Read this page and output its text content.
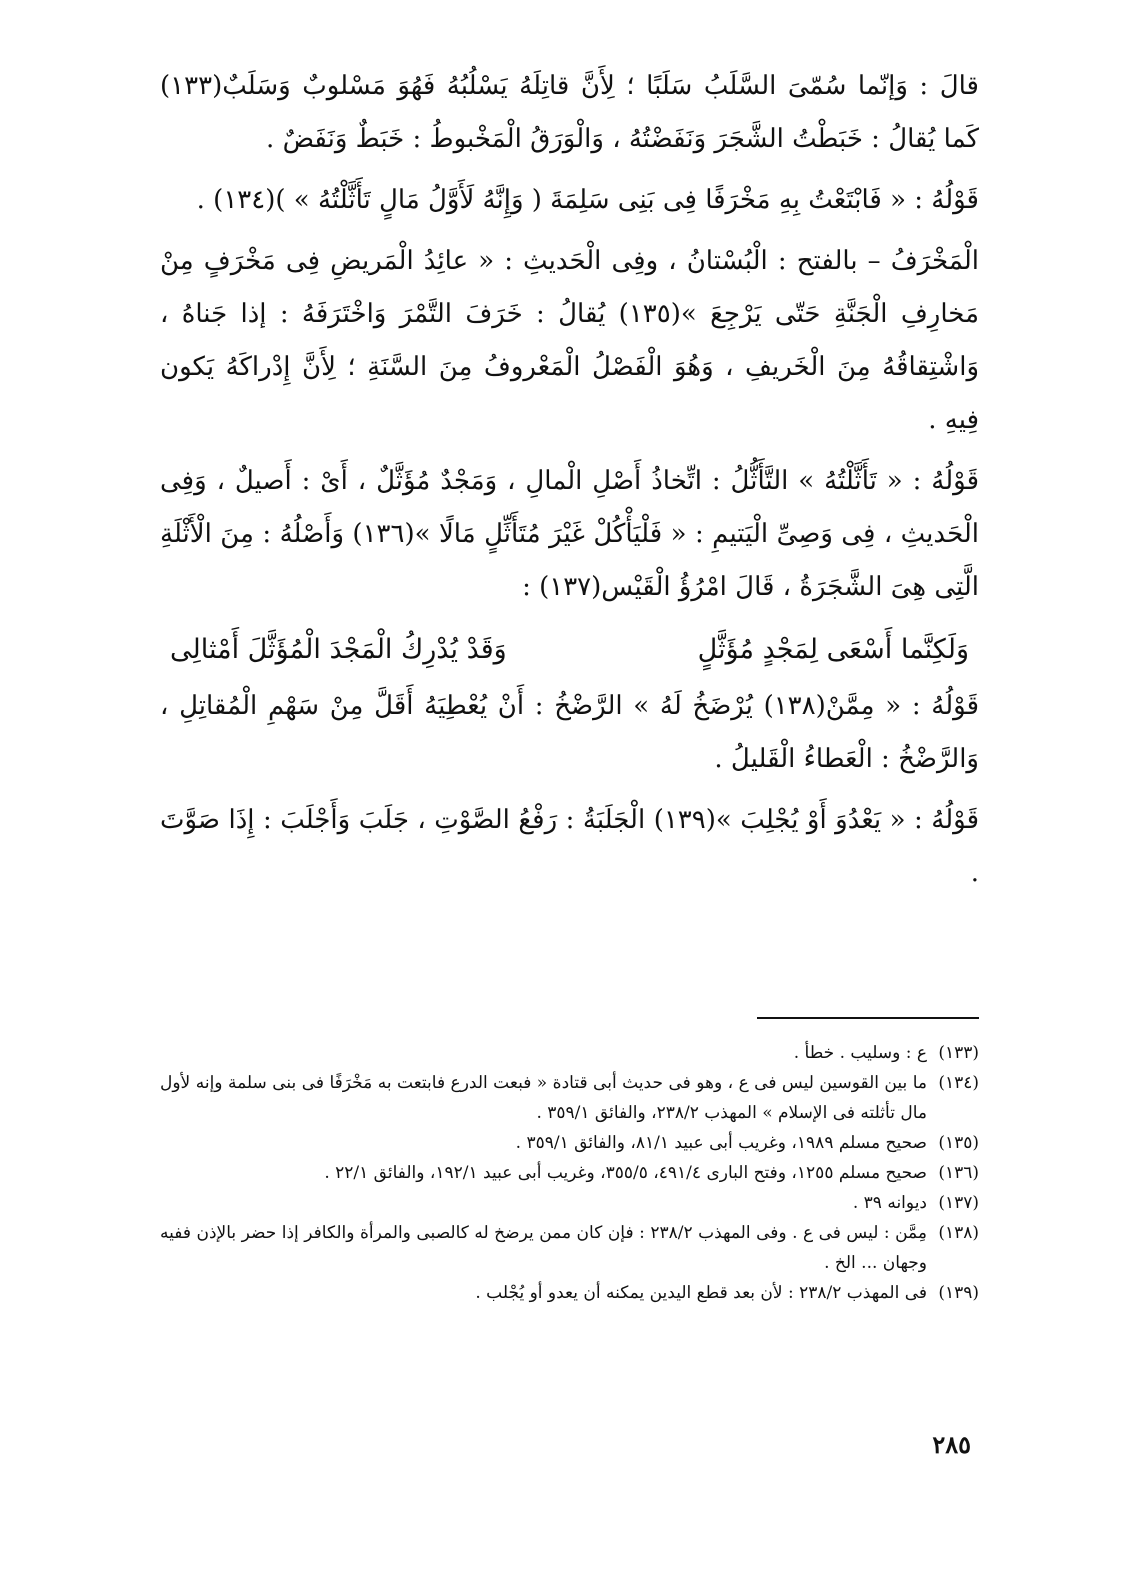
قالَ : وَإنّما سُمّىَ السَّلَبُ سَلَبًا ؛ لِأَنَّ قاتِلَهُ يَسْلُبُهُ فَهُوَ مَسْلوبٌ وَسَلَبٌ(١٣٣) كَما يُقالُ : خَبَطْتُ الشَّجَرَ وَنَفَضْتُهُ ، وَالْوَرَقُ الْمَخْبوطُ : خَبَطٌ وَنَفَضٌ .

قَوْلُهُ : « فَابْتَعْتُ بِهِ مَخْرَفًا فِى بَنِى سَلِمَةَ ( وَإِنَّهُ لَأَوَّلُ مَالٍ تَأَثَّلْتُهُ » )(١٣٤) .

الْمَخْرَفُ – بالفتح : الْبُسْتانُ ، وفِى الْحَديثِ : « عائِدُ الْمَريضِ فِى مَخْرَفٍ مِنْ مَخارِفِ الْجَنَّةِ حَتّى يَرْجِعَ »(١٣٥) يُقالُ : خَرَفَ التَّمْرَ وَاخْتَرَفَهُ : إذا جَناهُ ، وَاشْتِقاقُهُ مِنَ الْخَريفِ ، وَهُوَ الْفَصْلُ الْمَعْروفُ مِنَ السَّنَةِ ؛ لِأَنَّ إِدْراكَهُ يَكون فِيهِ .

قَوْلُهُ : « تَأَثَّلْتُهُ » التَّأَثُّلُ : اتِّخاذُ أَصْلِ الْمالِ ، وَمَجْدٌ مُؤَثَّلٌ ، أَىْ : أَصيلٌ ، وَفِى الْحَديثِ ، فِى وَصِىِّ الْيَتيمِ : « فَلْيَأْكُلْ غَيْرَ مُتَأَثِّلٍ مَالًا »(١٣٦) وَأَصْلُهُ : مِنَ الْأَثْلَةِ الَّتِى هِىَ الشَّجَرَةُ ، قَالَ امْرُؤُ الْقَيْس(١٣٧) :

وَلَكِنَّما أَسْعَى لِمَجْدٍ مُؤَثَّلٍ
وَقَدْ يُدْرِكُ الْمَجْدَ الْمُؤَثَّلَ أَمْثالِى

قَوْلُهُ : « مِمَّنْ(١٣٨) يُرْضَخُ لَهُ » الرَّضْخُ : أَنْ يُعْطِيَهُ أَقَلَّ مِنْ سَهْمِ الْمُقاتِلِ ، وَالرَّضْخُ : الْعَطاءُ الْقَليلُ .

قَوْلُهُ : « يَعْدُوَ أَوْ يُجْلِبَ »(١٣٩) الْجَلَبَةُ : رَفْعُ الصَّوْتِ ، جَلَبَ وَأَجْلَبَ : إِذَا صَوَّتَ .

(١٣٣)ع : وسليب . خطأ .

(١٣٤)ما بين القوسين ليس فى ع ، وهو فى حديث أبى قتادة « فبعت الدرع فابتعت به مَخْرَفًا فى بنى سلمة وإنه لأول مال تأثلته فى الإسلام » المهذب ٢٣٨/٢، والفائق ٣٥٩/١ .

(١٣٥)صحيح مسلم ١٩٨٩، وغريب أبى عبيد ٨١/١، والفائق ٣٥٩/١ .

(١٣٦)صحيح مسلم ١٢٥٥، وفتح البارى ٤٩١/٤، ٣٥٥/٥، وغريب أبى عبيد ١٩٢/١، والفائق ٢٢/١ .

(١٣٧)ديوانه ٣٩ .

(١٣٨)مِمَّن : ليس فى ع . وفى المهذب ٢٣٨/٢ : فإن كان ممن يرضخ له كالصبى والمرأة والكافر إذا حضر بالإذن ففيه وجهان ... الخ .

(١٣٩)فى المهذب ٢٣٨/٢ : لأن بعد قطع اليدين يمكنه أن يعدو أو يُجْلب .

٢٨٥
